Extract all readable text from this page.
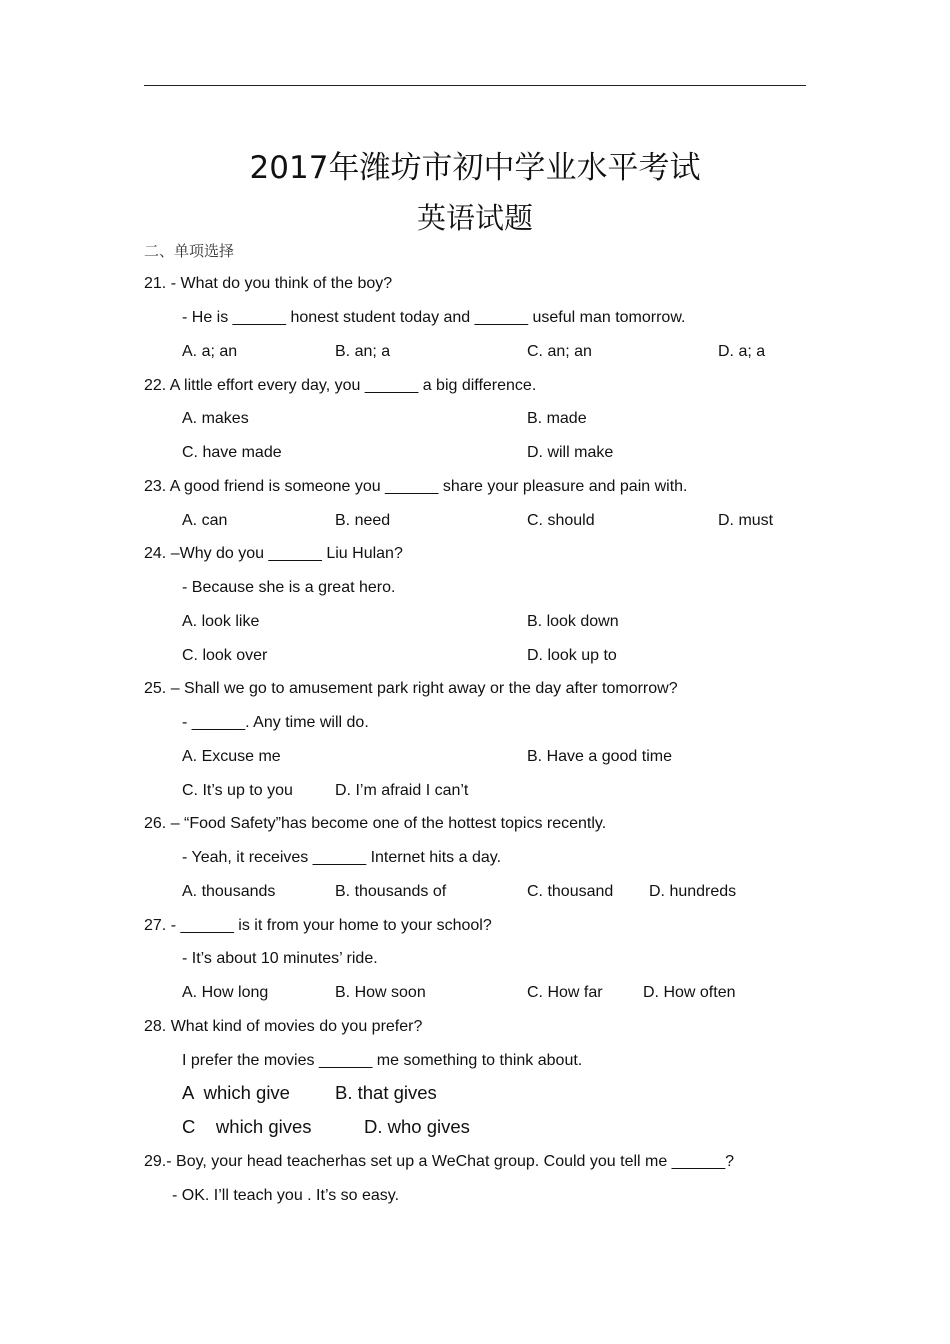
2017年潍坊市初中学业水平考试
英语试题
二、单项选择
21. - What do you think of the boy?
- He is ______ honest student today and ______ useful man tomorrow.
A. a; an	B. an; a	C. an; an	D. a; a
22. A little effort every day, you ______ a big difference.
A. makes	B. made
C. have made	D. will make
23. A good friend is someone you ______ share your pleasure and pain with.
A. can	B. need	C. should	D. must
24. –Why do you ______ Liu Hulan?
- Because she is a great hero.
A. look like	B. look down
C. look over	D. look up to
25. – Shall we go to amusement park right away or the day after tomorrow?
- ______. Any time will do.
A. Excuse me	B. Have a good time
C. It’s up to you	D. I’m afraid I can’t
26. – “Food Safety”has become one of the hottest topics recently.
- Yeah, it receives ______ Internet hits a day.
A. thousands	B. thousands of	C. thousand D. hundreds
27. - ______ is it from your home to your school?
- It’s about 10 minutes’ ride.
A. How long	B. How soon	C. How far	D. How often
28. What kind of movies do you prefer?
I prefer the movies ______ me something to think about.
A  which give B. that gives
C    which gives	D. who gives
29.- Boy, your head teacherhas set up a WeChat group. Could you tell me ______?
- OK. I’ll teach you . It’s so easy.
